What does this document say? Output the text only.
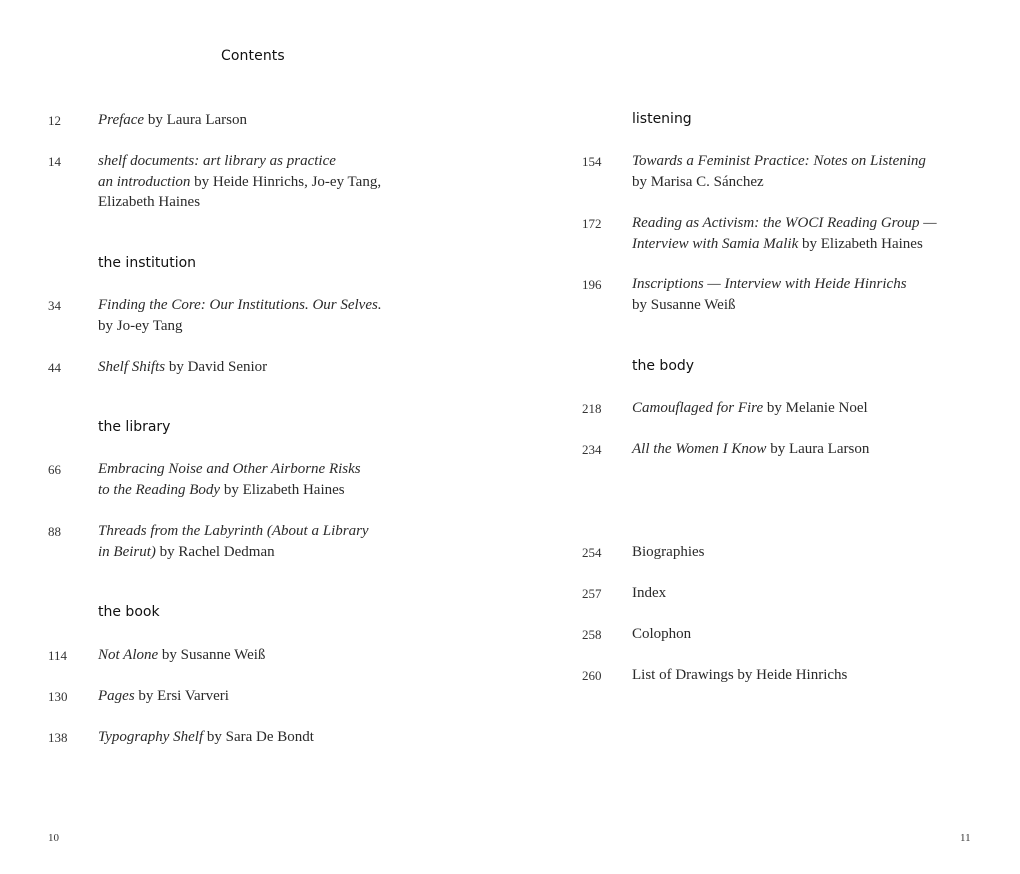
Contents
12	Preface by Laura Larson
14	shelf documents: art library as practice
an introduction by Heide Hinrichs, Jo-ey Tang,
Elizabeth Haines
the institution
34	Finding the Core: Our Institutions. Our Selves.
by Jo-ey Tang
44	Shelf Shifts by David Senior
the library
66	Embracing Noise and Other Airborne Risks
to the Reading Body by Elizabeth Haines
88	Threads from the Labyrinth (About a Library
in Beirut) by Rachel Dedman
the book
114	Not Alone by Susanne Weiß
130	Pages by Ersi Varveri
138	Typography Shelf by Sara De Bondt
10
listening
154	Towards a Feminist Practice: Notes on Listening
by Marisa C. Sánchez
172	Reading as Activism: the WOCI Reading Group —
Interview with Samia Malik by Elizabeth Haines
196	Inscriptions — Interview with Heide Hinrichs
by Susanne Weiß
the body
218	Camouflaged for Fire by Melanie Noel
234	All the Women I Know by Laura Larson
254	Biographies
257	Index
258	Colophon
260	List of Drawings by Heide Hinrichs
11
